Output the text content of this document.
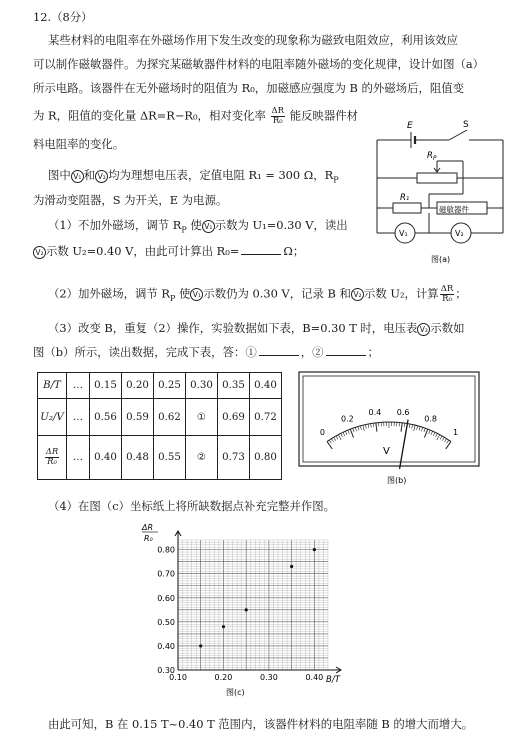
12.（8分）
某些材料的电阻率在外磁场作用下发生改变的现象称为磁致电阻效应，利用该效应
可以制作磁敏器件。为探究某磁敏器件材料的电阻率随外磁场的变化规律，设计如图（a）
所示电路。该器件在无外磁场时的阻值为 R₀，加磁感应强度为 B 的外磁场后，阻值变
为 R，阻值的变化量 ΔR=R−R₀，相对变化率 $\frac{\Delta R}{\text{R₀}}$ 能反映器件材
料电阻率的变化。
图中 V₁ 和 V₂ 均为理想电压表，定值电阻 R₁ = 300 Ω，$R_P$
为滑动变阻器，S 为开关，E 为电源。
（1）不加外磁场，调节 $R_P$ 使 V₁ 示数为 U₁=0.30 V，读出
V₂ 示数 U₂=0.40 V，由此可计算出 R₀=	Ω；
（2）加外磁场，调节 $R_P$ 使 V₁ 示数仍为 0.30 V，记录 B 和 V₂ 示数 U₂，计算 $\frac{\Delta R}{\text{R₀}}$ ；
（3）改变 B，重复（2）操作，实验数据如下表，B=0.30 T 时，电压表 V₂ 示数如
图（b）所示，读出数据，完成下表，答：①	，②	；
E	S
$R_P$
R₁
磁敏器件
V₁	V₂
图(a)
B/T	…	0.15	0.20	0.25	0.30	0.35	0.40
U₂/V	…	0.56	0.59	0.62	①	0.69	0.72

$\frac{\Delta R}{\text{R₀}}$	…	0.40	0.48	0.55	②	0.73	0.80
0
0.2
0.4 0.6
0.8
1
V
图(b)
（4）在图（c）坐标纸上将所缺数据点补充完整并作图。
0.10	0.20	0.30	0.40
0.30
0.40
0.50
0.60
0.70
0.80
B/T
ΔR
R₀
图(c)
由此可知，B 在 0.15 T~0.40 T 范围内，该器件材料的电阻率随 B 的增大而增大。
